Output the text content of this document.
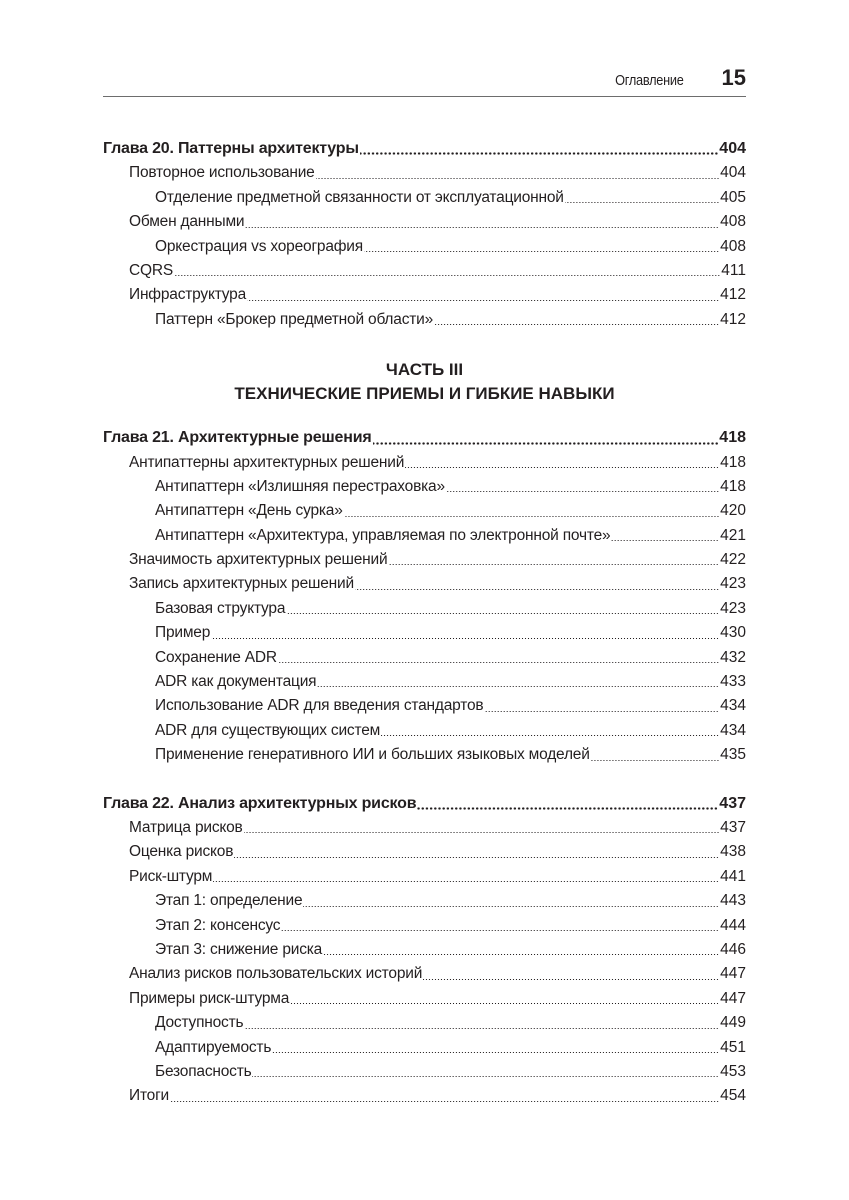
Оглавление 15
Глава 20. Паттерны архитектуры	404
Повторное использование	404
Отделение предметной связанности от эксплуатационной	405
Обмен данными	408
Оркестрация vs хореография	408
CQRS	411
Инфраструктура	412
Паттерн «Брокер предметной области»	412
ЧАСТЬ III
ТЕХНИЧЕСКИЕ ПРИЕМЫ И ГИБКИЕ НАВЫКИ
Глава 21. Архитектурные решения	418
Антипаттерны архитектурных решений	418
Антипаттерн «Излишняя перестраховка»	418
Антипаттерн «День сурка»	420
Антипаттерн «Архитектура, управляемая по электронной почте»	421
Значимость архитектурных решений	422
Запись архитектурных решений	423
Базовая структура	423
Пример	430
Сохранение ADR	432
ADR как документация	433
Использование ADR для введения стандартов	434
ADR для существующих систем	434
Применение генеративного ИИ и больших языковых моделей	435
Глава 22. Анализ архитектурных рисков	437
Матрица рисков	437
Оценка рисков	438
Риск-штурм	441
Этап 1: определение	443
Этап 2: консенсус	444
Этап 3: снижение риска	446
Анализ рисков пользовательских историй	447
Примеры риск-штурма	447
Доступность	449
Адаптируемость	451
Безопасность	453
Итоги	454
